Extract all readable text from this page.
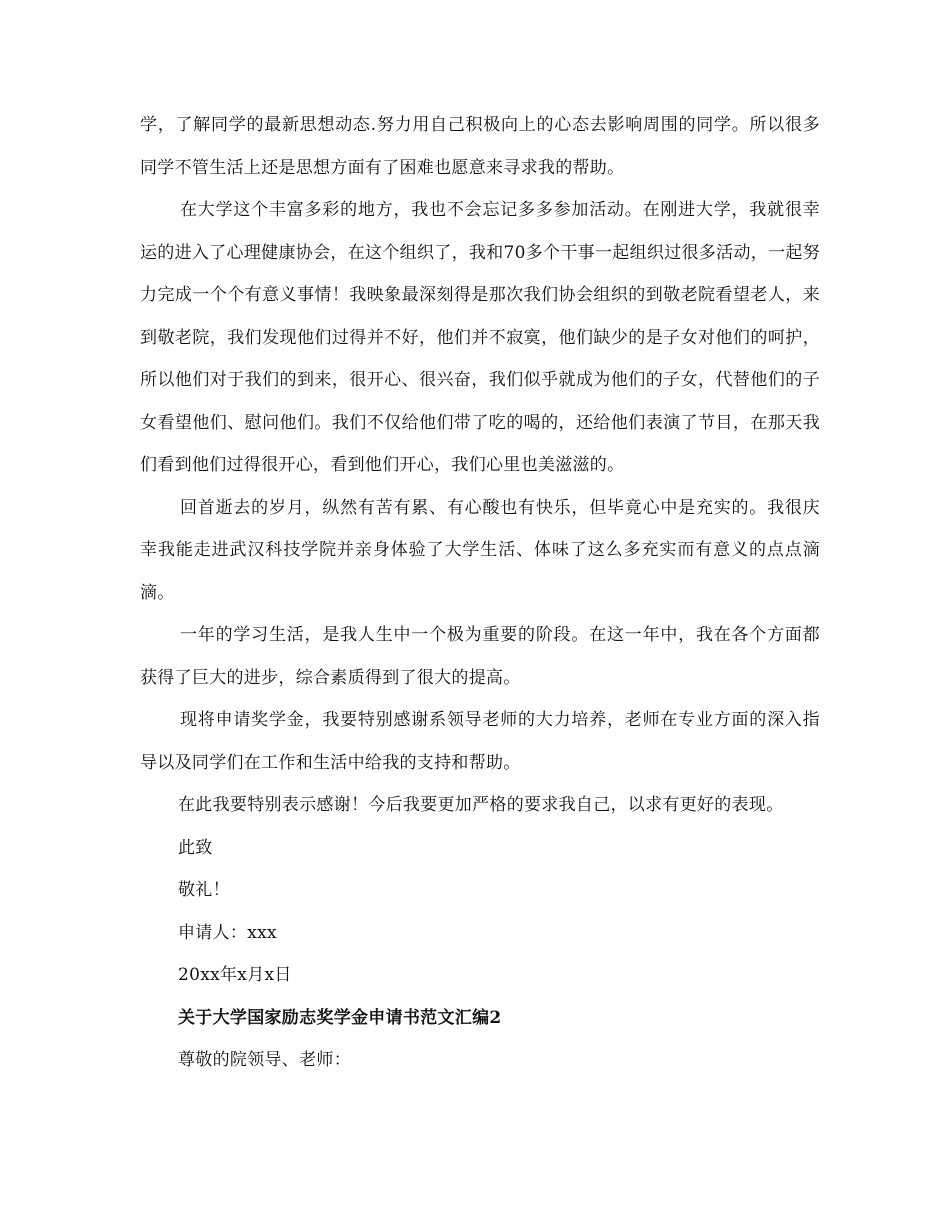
学，了解同学的最新思想动态.努力用自己积极向上的心态去影响周围的同学。所以很多同学不管生活上还是思想方面有了困难也愿意来寻求我的帮助。

在大学这个丰富多彩的地方，我也不会忘记多多参加活动。在刚进大学，我就很幸运的进入了心理健康协会，在这个组织了，我和70多个干事一起组织过很多活动，一起努力完成一个个有意义事情！我映象最深刻得是那次我们协会组织的到敬老院看望老人，来到敬老院，我们发现他们过得并不好，他们并不寂寞，他们缺少的是子女对他们的呵护，所以他们对于我们的到来，很开心、很兴奋，我们似乎就成为他们的子女，代替他们的子女看望他们、慰问他们。我们不仅给他们带了吃的喝的，还给他们表演了节目，在那天我们看到他们过得很开心，看到他们开心，我们心里也美滋滋的。

回首逝去的岁月，纵然有苦有累、有心酸也有快乐，但毕竟心中是充实的。我很庆幸我能走进武汉科技学院并亲身体验了大学生活、体味了这么多充实而有意义的点点滴滴。

一年的学习生活，是我人生中一个极为重要的阶段。在这一年中，我在各个方面都获得了巨大的进步，综合素质得到了很大的提高。

现将申请奖学金，我要特别感谢系领导老师的大力培养，老师在专业方面的深入指导以及同学们在工作和生活中给我的支持和帮助。

在此我要特别表示感谢！今后我要更加严格的要求我自己，以求有更好的表现。

此致

敬礼！

申请人：xxx

20xx年x月x日

关于大学国家励志奖学金申请书范文汇编2

尊敬的院领导、老师：
